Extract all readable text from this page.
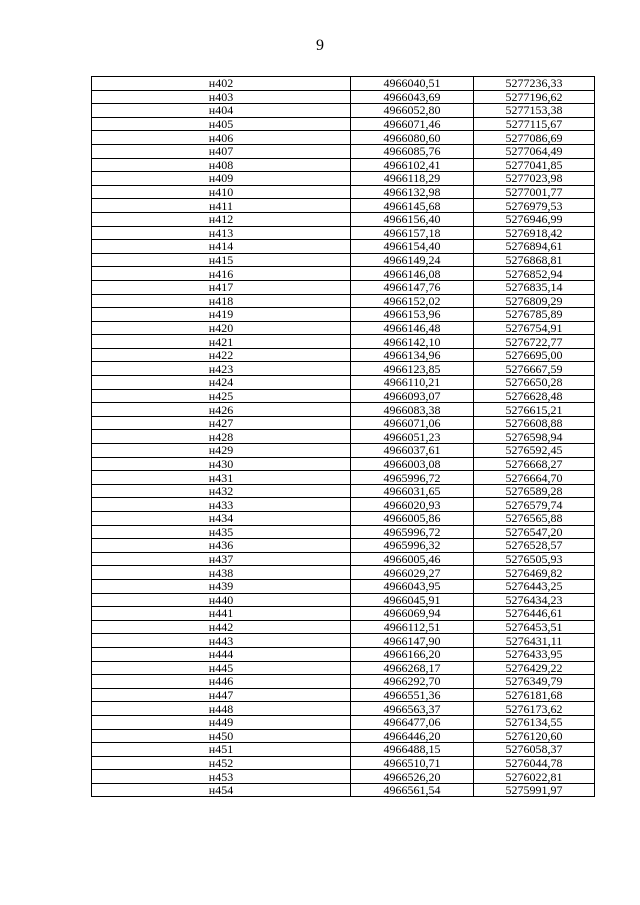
9
н402	4966040,51	5277236,33
н403	4966043,69	5277196,62
н404	4966052,80	5277153,38
н405	4966071,46	5277115,67
н406	4966080,60	5277086,69
н407	4966085,76	5277064,49
н408	4966102,41	5277041,85
н409	4966118,29	5277023,98
н410	4966132,98	5277001,77
н411	4966145,68	5276979,53
н412	4966156,40	5276946,99
н413	4966157,18	5276918,42
н414	4966154,40	5276894,61
н415	4966149,24	5276868,81
н416	4966146,08	5276852,94
н417	4966147,76	5276835,14
н418	4966152,02	5276809,29
н419	4966153,96	5276785,89
н420	4966146,48	5276754,91
н421	4966142,10	5276722,77
н422	4966134,96	5276695,00
н423	4966123,85	5276667,59
н424	4966110,21	5276650,28
н425	4966093,07	5276628,48
н426	4966083,38	5276615,21
н427	4966071,06	5276608,88
н428	4966051,23	5276598,94
н429	4966037,61	5276592,45
н430	4966003,08	5276668,27
н431	4965996,72	5276664,70
н432	4966031,65	5276589,28
н433	4966020,93	5276579,74
н434	4966005,86	5276565,88
н435	4965996,72	5276547,20
н436	4965996,32	5276528,57
н437	4966005,46	5276505,93
н438	4966029,27	5276469,82
н439	4966043,95	5276443,25
н440	4966045,91	5276434,23
н441	4966069,94	5276446,61
н442	4966112,51	5276453,51
н443	4966147,90	5276431,11
н444	4966166,20	5276433,95
н445	4966268,17	5276429,22
н446	4966292,70	5276349,79
н447	4966551,36	5276181,68
н448	4966563,37	5276173,62
н449	4966477,06	5276134,55
н450	4966446,20	5276120,60
н451	4966488,15	5276058,37
н452	4966510,71	5276044,78
н453	4966526,20	5276022,81
н454	4966561,54	5275991,97
